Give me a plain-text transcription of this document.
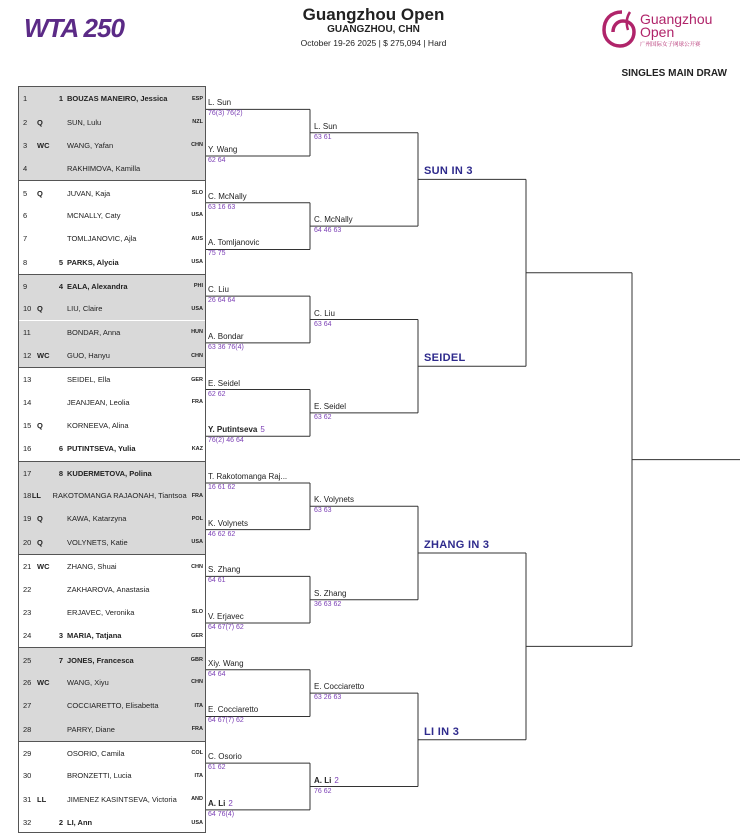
WTA 250	Guangzhou Open
GUANGZHOU, CHN
October 19-26 2025 | $ 275,094 | Hard
Guangzhou
Open
广州国际女子网球公开赛
SINGLES MAIN DRAW
1	1 BOUZAS MANEIRO, Jessica	ESP
2	Q	SUN, Lulu	NZL
3	WC WANG, Yafan	CHN
4	RAKHIMOVA, Kamilla
5	Q	JUVAN, Kaja	SLO
6	MCNALLY, Caty	USA
7	TOMLJANOVIC, Ajla	AUS
8	5 PARKS, Alycia	USA
9	4 EALA, Alexandra	PHI
10 Q	LIU, Claire	USA
11	BONDAR, Anna	HUN
12 WC GUO, Hanyu	CHN
13	SEIDEL, Ella	GER
14	JEANJEAN, Leolia	FRA
15 Q	KORNEEVA, Alina
16	6 PUTINTSEVA, Yulia	KAZ
17	8 KUDERMETOVA, Polina
18 LL RAKOTOMANGA RAJAONAH, Tiantsoa FRA
19 Q	KAWA, Katarzyna	POL
20 Q	VOLYNETS, Katie	USA
21 WC ZHANG, Shuai	CHN
22	ZAKHAROVA, Anastasia
23	ERJAVEC, Veronika	SLO
24	3 MARIA, Tatjana	GER
25	7 JONES, Francesca	GBR
26 WC WANG, Xiyu	CHN
27	COCCIARETTO, Elisabetta	ITA
28	PARRY, Diane	FRA
29	OSORIO, Camila	COL
30	BRONZETTI, Lucia	ITA
31 LL	JIMENEZ KASINTSEVA, Victoria	AND
32	2 LI, Ann	USA
L. Sun
76(3) 76(2)
Y. Wang
62 64
C. McNally
63 16 63
A. Tomljanovic
75 75
C. Liu
26 64 64
A. Bondar
63 36 76(4)
E. Seidel
62 62
Y. Putintseva 5
76(2) 46 64
T. Rakotomanga Raj...
16 61 62
K. Volynets
46 62 62
S. Zhang
64 61
V. Erjavec
64 67(7) 62
Xiy. Wang
64 64
E. Cocciaretto
64 67(7) 62
C. Osorio
61 62
A. Li 2
64 76(4)
L. Sun
63 61
C. McNally
64 46 63
C. Liu
63 64
E. Seidel
63 62
K. Volynets
63 63
S. Zhang
36 63 62
E. Cocciaretto
63 26 63
A. Li 2
76 62
SUN IN 3
SEIDEL
ZHANG IN 3
LI IN 3
